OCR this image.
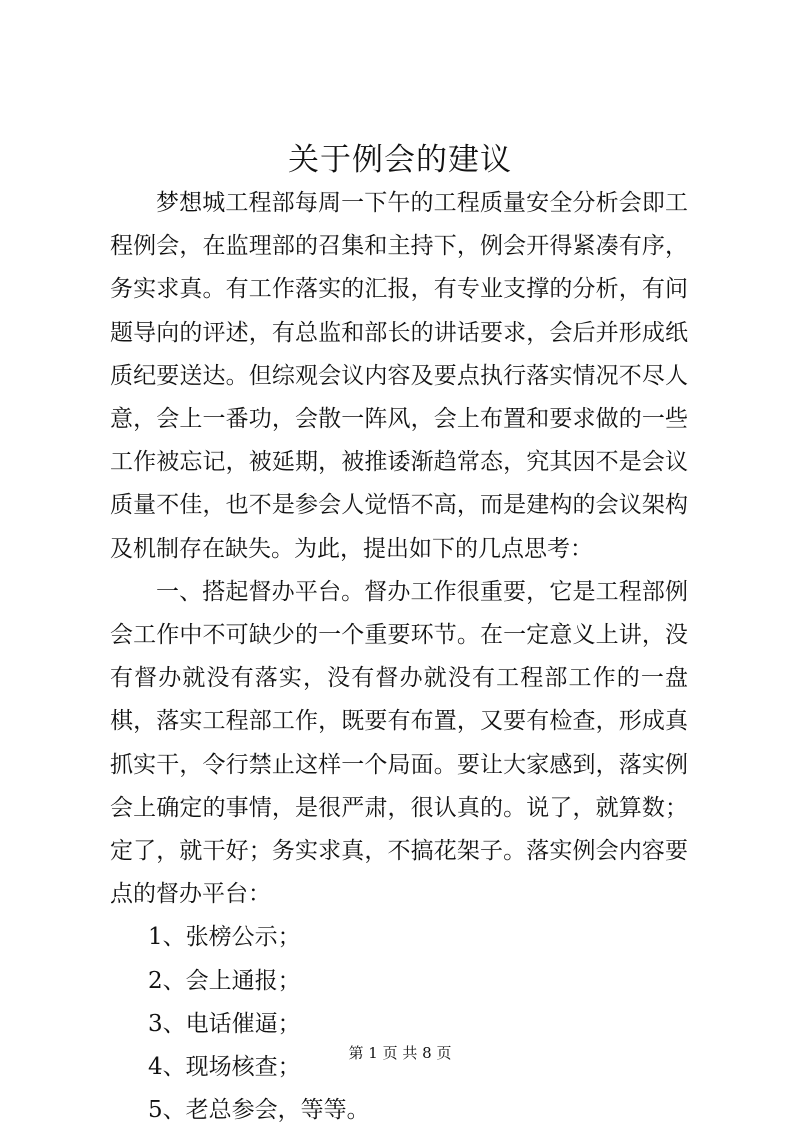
关于例会的建议

梦想城工程部每周一下午的工程质量安全分析会即工程例会，在监理部的召集和主持下，例会开得紧凑有序，务实求真。有工作落实的汇报，有专业支撑的分析，有问题导向的评述，有总监和部长的讲话要求，会后并形成纸质纪要送达。但综观会议内容及要点执行落实情况不尽人意，会上一番功，会散一阵风，会上布置和要求做的一些工作被忘记，被延期，被推诿渐趋常态，究其因不是会议质量不佳，也不是参会人觉悟不高，而是建构的会议架构及机制存在缺失。为此，提出如下的几点思考：

一、搭起督办平台。督办工作很重要，它是工程部例会工作中不可缺少的一个重要环节。在一定意义上讲，没有督办就没有落实，没有督办就没有工程部工作的一盘棋，落实工程部工作，既要有布置，又要有检查，形成真抓实干，令行禁止这样一个局面。要让大家感到，落实例会上确定的事情，是很严肃，很认真的。说了，就算数；定了，就干好；务实求真，不搞花架子。落实例会内容要点的督办平台：

1、张榜公示；

2、会上通报；

3、电话催逼；

4、现场核查；

5、老总参会，等等。

第 1 页 共 8 页
